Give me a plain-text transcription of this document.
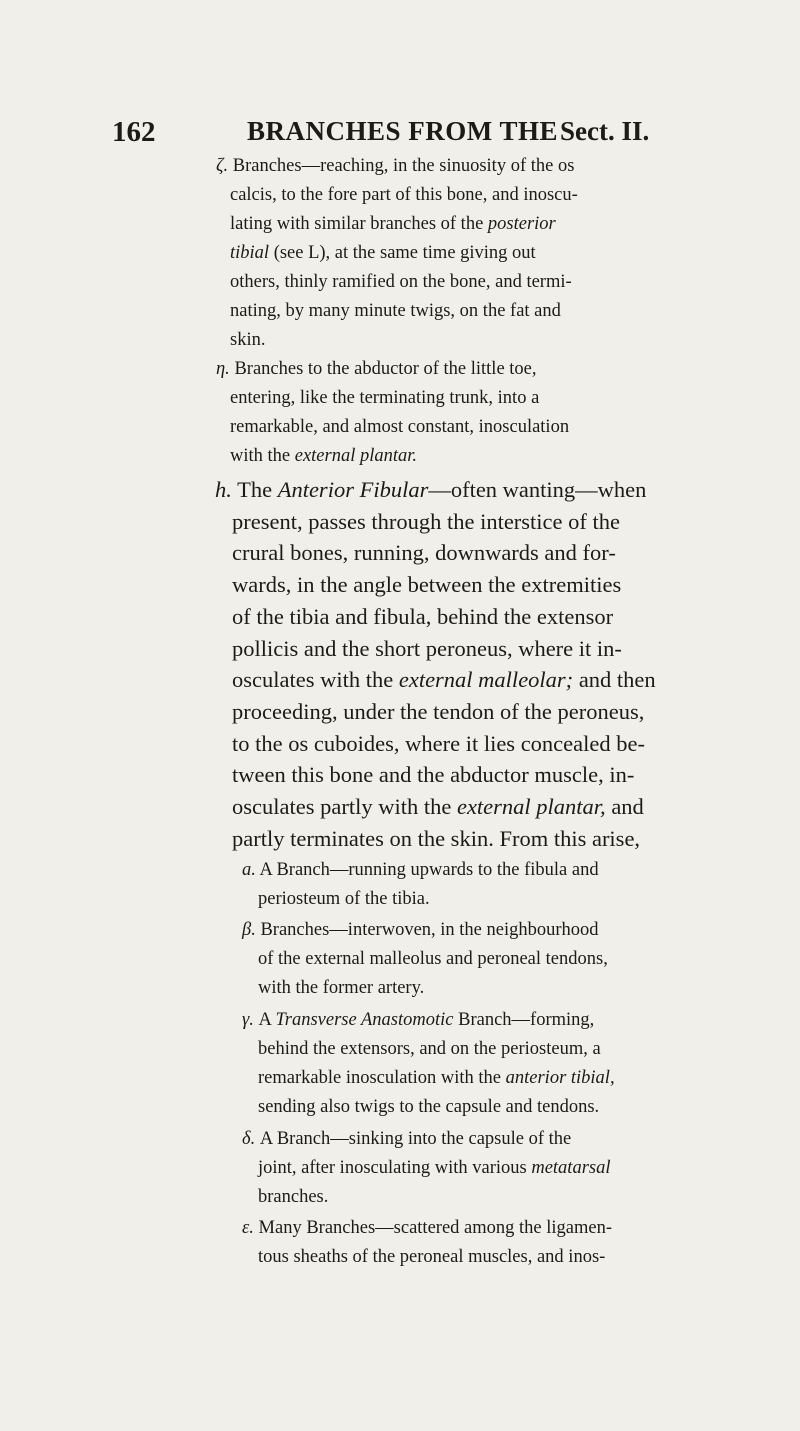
162	BRANCHES FROM THE Sect. II.
ζ. Branches—reaching, in the sinuosity of the os
calcis, to the fore part of this bone, and inoscu-
lating with similar branches of the posterior
tibial (see L), at the same time giving out
others, thinly ramified on the bone, and termi-
nating, by many minute twigs, on the fat and
skin.
η. Branches to the abductor of the little toe,
entering, like the terminating trunk, into a
remarkable, and almost constant, inosculation
with the external plantar.
h. The Anterior Fibular—often wanting—when
present, passes through the interstice of the
crural bones, running, downwards and for-
wards, in the angle between the extremities
of the tibia and fibula, behind the extensor
pollicis and the short peroneus, where it in-
osculates with the external malleolar; and then
proceeding, under the tendon of the peroneus,
to the os cuboides, where it lies concealed be-
tween this bone and the abductor muscle, in-
osculates partly with the external plantar, and
partly terminates on the skin. From this arise,
a. A Branch—running upwards to the fibula and
periosteum of the tibia.
β. Branches—interwoven, in the neighbourhood
of the external malleolus and peroneal tendons,
with the former artery.
γ. A Transverse Anastomotic Branch—forming,
behind the extensors, and on the periosteum, a
remarkable inosculation with the anterior tibial,
sending also twigs to the capsule and tendons.
δ. A Branch—sinking into the capsule of the
joint, after inosculating with various metatarsal
branches.
ε. Many Branches—scattered among the ligamen-
tous sheaths of the peroneal muscles, and inos-
